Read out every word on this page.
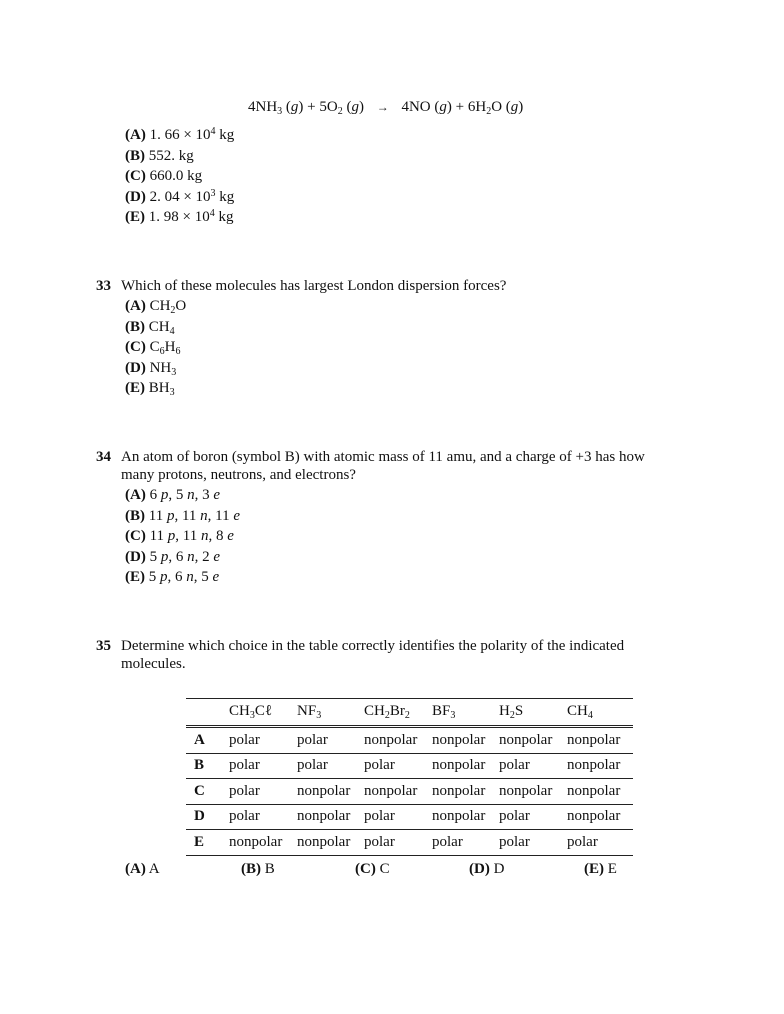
$4NH_3$ $(g) + 5O_2$ (g) → 4NO $(g) + 6H_2O$ (g)
(A) 1. $66 \times 10^4$ kg
(B) 552. kg
(C) 660.0 kg
(D) 2. $04 \times 10^3$ kg
(E) 1. $98 \times 10^4$ kg
33 Which of these molecules has largest London dispersion forces?
(A) $CH_2O$
(B) $CH_4$
(C) $C_6H_6$
(D) $NH_3$
(E) $BH_3$
34 An atom of boron (symbol B) with atomic mass of 11 amu, and a charge of +3 has how
many protons, neutrons, and electrons?
(A) 6 p, 5 n, 3 e
(B) 11 p, 11 n, 11 e
(C) 11 p, 11 n, 8 e
(D) 5 p, 6 n, 2 e
(E) 5 p, 6 n, 5 e
35 Determine which choice in the table correctly identifies the polarity of the indicated
molecules.
	$CH_3C\ell$	$NF_3$	$CH_2Br_2$	$BF_3$	$H_2S$	$CH_4$
A	polar	polar	nonpolar	nonpolar	nonpolar	nonpolar
B	polar	polar	polar	nonpolar	polar	nonpolar
C	polar	nonpolar	nonpolar	nonpolar	nonpolar	nonpolar
D	polar	nonpolar	polar	nonpolar	polar	nonpolar
E	nonpolar	nonpolar	polar	polar	polar	polar
(A) A	(B) B	(C) C	(D) D	(E) E
